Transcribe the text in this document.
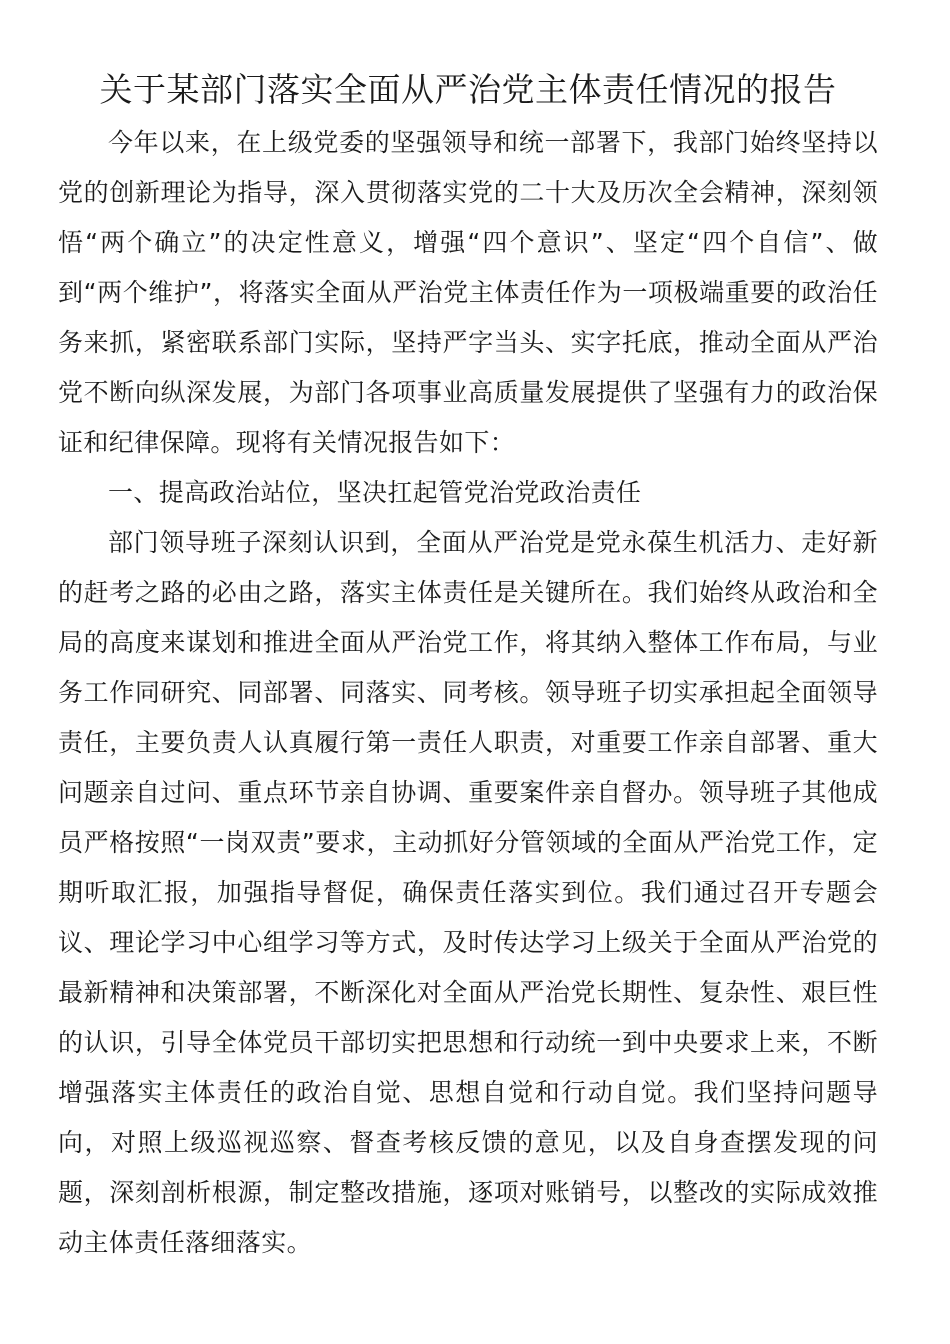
关于某部门落实全面从严治党主体责任情况的报告

今年以来，在上级党委的坚强领导和统一部署下，我部门始终坚持以党的创新理论为指导，深入贯彻落实党的二十大及历次全会精神，深刻领悟“两个确立”的决定性意义，增强“四个意识”、坚定“四个自信”、做到“两个维护”，将落实全面从严治党主体责任作为一项极端重要的政治任务来抓，紧密联系部门实际，坚持严字当头、实字托底，推动全面从严治党不断向纵深发展，为部门各项事业高质量发展提供了坚强有力的政治保证和纪律保障。现将有关情况报告如下：

一、提高政治站位，坚决扛起管党治党政治责任

部门领导班子深刻认识到，全面从严治党是党永葆生机活力、走好新的赶考之路的必由之路，落实主体责任是关键所在。我们始终从政治和全局的高度来谋划和推进全面从严治党工作，将其纳入整体工作布局，与业务工作同研究、同部署、同落实、同考核。领导班子切实承担起全面领导责任，主要负责人认真履行第一责任人职责，对重要工作亲自部署、重大问题亲自过问、重点环节亲自协调、重要案件亲自督办。领导班子其他成员严格按照“一岗双责”要求，主动抓好分管领域的全面从严治党工作，定期听取汇报，加强指导督促，确保责任落实到位。我们通过召开专题会议、理论学习中心组学习等方式，及时传达学习上级关于全面从严治党的最新精神和决策部署，不断深化对全面从严治党长期性、复杂性、艰巨性的认识，引导全体党员干部切实把思想和行动统一到中央要求上来，不断增强落实主体责任的政治自觉、思想自觉和行动自觉。我们坚持问题导向，对照上级巡视巡察、督查考核反馈的意见，以及自身查摆发现的问题，深刻剖析根源，制定整改措施，逐项对账销号，以整改的实际成效推动主体责任落细落实。
